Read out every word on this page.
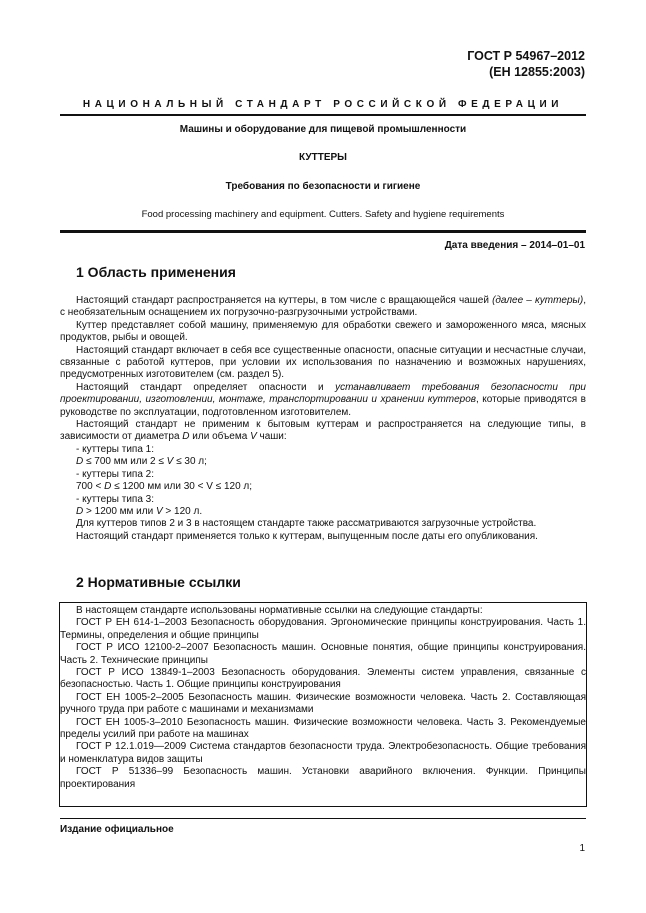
ГОСТ Р 54967–2012
(ЕН 12855:2003)
НАЦИОНАЛЬНЫЙ СТАНДАРТ РОССИЙСКОЙ ФЕДЕРАЦИИ
Машины и оборудование для пищевой промышленности
КУТТЕРЫ
Требования по безопасности и гигиене
Food processing machinery and equipment. Cutters. Safety and hygiene requirements
Дата введения – 2014–01–01
1 Область применения

Настоящий стандарт распространяется на куттеры, в том числе с вращающейся чашей (далее – куттеры), с необязательным оснащением их погрузочно-разгрузочными устройствами.

Куттер представляет собой машину, применяемую для обработки свежего и замороженного мяса, мясных продуктов, рыбы и овощей.

Настоящий стандарт включает в себя все существенные опасности, опасные ситуации и несчастные случаи, связанные с работой куттеров, при условии их использования по назначению и возможных нарушениях, предусмотренных изготовителем (см. раздел 5).

Настоящий стандарт определяет опасности и устанавливает требования безопасности при проектировании, изготовлении, монтаже, транспортировании и хранении куттеров, которые приводятся в руководстве по эксплуатации, подготовленном изготовителем.

Настоящий стандарт не применим к бытовым куттерам и распространяется на следующие типы, в зависимости от диаметра D или объема V чаши:

- куттеры типа 1:

D ≤ 700 мм или 2 ≤ V ≤ 30 л;

- куттеры типа 2:

700 < D ≤ 1200 мм или 30 < V ≤ 120 л;

- куттеры типа 3:

D > 1200 мм или V > 120 л.

Для куттеров типов 2 и 3 в настоящем стандарте также рассматриваются загрузочные устройства.

Настоящий стандарт применяется только к куттерам, выпущенным после даты его опубликования.

2 Нормативные ссылки

В настоящем стандарте использованы нормативные ссылки на следующие стандарты:

ГОСТ Р ЕН 614-1–2003 Безопасность оборудования. Эргономические принципы конструирования. Часть 1. Термины, определения и общие принципы

ГОСТ Р ИСО 12100-2–2007 Безопасность машин. Основные понятия, общие принципы конструирования. Часть 2. Технические принципы

ГОСТ Р ИСО 13849-1–2003 Безопасность оборудования. Элементы систем управления, связанные с безопасностью. Часть 1. Общие принципы конструирования

ГОСТ ЕН 1005-2–2005 Безопасность машин. Физические возможности человека. Часть 2. Составляющая ручного труда при работе с машинами и механизмами

ГОСТ ЕН 1005-3–2010 Безопасность машин. Физические возможности человека. Часть 3. Рекомендуемые пределы усилий при работе на машинах

ГОСТ Р 12.1.019—2009 Система стандартов безопасности труда. Электробезопасность. Общие требования и номенклатура видов защиты

ГОСТ Р 51336–99 Безопасность машин. Установки аварийного включения. Функции. Принципы проектирования

Издание официальное
1
